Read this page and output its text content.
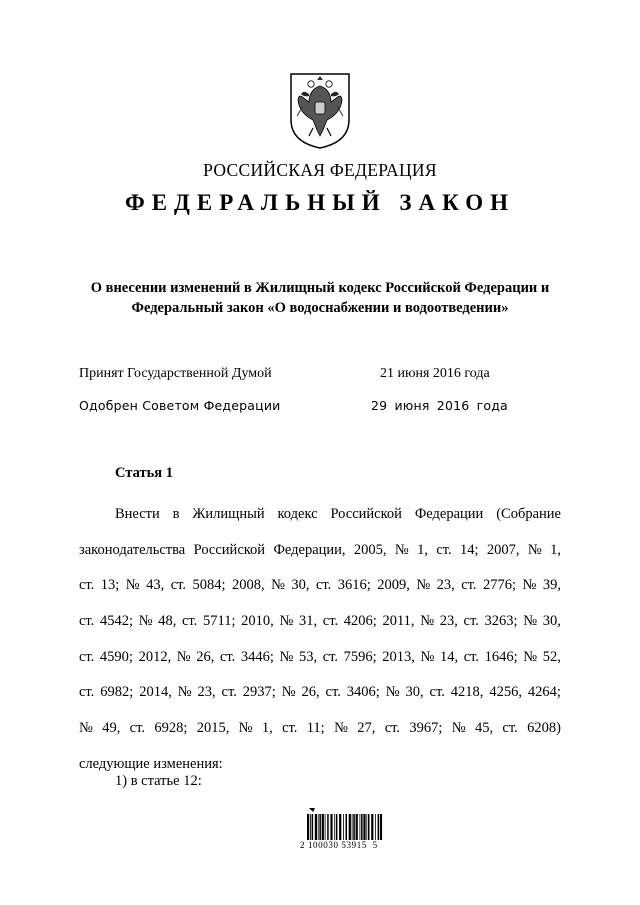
РОССИЙСКАЯ ФЕДЕРАЦИЯ
ФЕДЕРАЛЬНЫЙ ЗАКОН
О внесении изменений в Жилищный кодекс Российской Федерации и
Федеральный закон «О водоснабжении и водоотведении»
Принят Государственной Думой	21 июня 2016 года
Одобрен Советом Федерации	29 июня 2016 года
Статья 1
Внести в Жилищный кодекс Российской Федерации (Собрание
законодательства Российской Федерации, 2005, № 1, ст. 14; 2007, № 1,
ст. 13; № 43, ст. 5084; 2008, № 30, ст. 3616; 2009, № 23, ст. 2776; № 39,
ст. 4542; № 48, ст. 5711; 2010, № 31, ст. 4206; 2011, № 23, ст. 3263; № 30,
ст. 4590; 2012, № 26, ст. 3446; № 53, ст. 7596; 2013, № 14, ст. 1646; № 52,
ст. 6982; 2014, № 23, ст. 2937; № 26, ст. 3406; № 30, ст. 4218, 4256, 4264;
№ 49, ст. 6928; 2015, № 1, ст. 11; № 27, ст. 3967; № 45, ст. 6208)
следующие изменения:
1) в статье 12:
2 100030 53915  5
